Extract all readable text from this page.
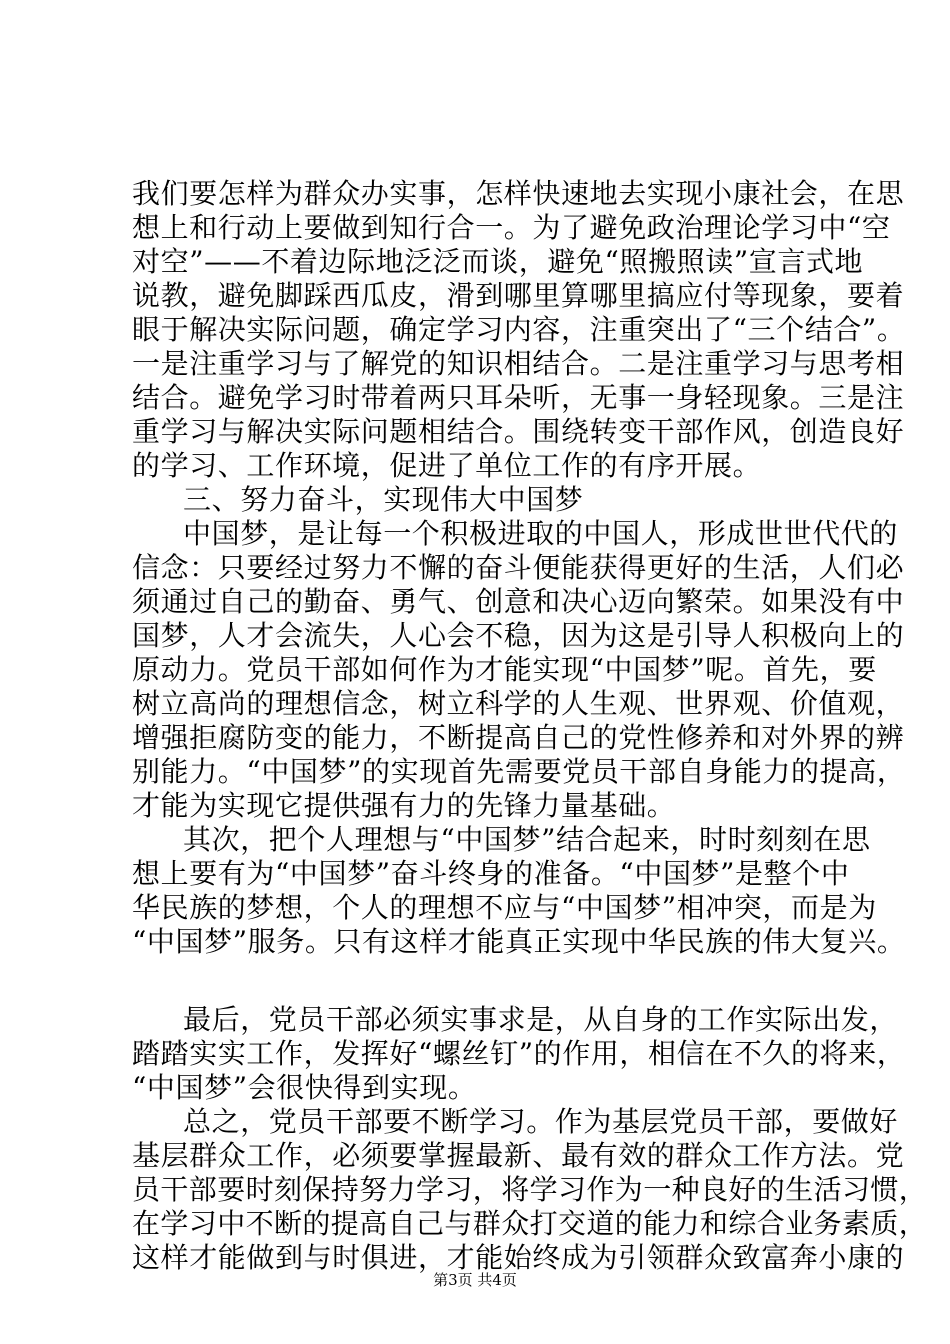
我们要怎样为群众办实事，怎样快速地去实现小康社会，在思
想上和行动上要做到知行合一。为了避免政治理论学习中“空
对空”——不着边际地泛泛而谈，避免“照搬照读”宣言式地
说教，避免脚踩西瓜皮，滑到哪里算哪里搞应付等现象，要着
眼于解决实际问题，确定学习内容，注重突出了“三个结合”。
一是注重学习与了解党的知识相结合。二是注重学习与思考相
结合。避免学习时带着两只耳朵听，无事一身轻现象。三是注
重学习与解决实际问题相结合。围绕转变干部作风，创造良好
的学习、工作环境，促进了单位工作的有序开展。
三、努力奋斗，实现伟大中国梦
中国梦，是让每一个积极进取的中国人，形成世世代代的
信念：只要经过努力不懈的奋斗便能获得更好的生活，人们必
须通过自己的勤奋、勇气、创意和决心迈向繁荣。如果没有中
国梦，人才会流失，人心会不稳，因为这是引导人积极向上的
原动力。党员干部如何作为才能实现“中国梦”呢。首先，要
树立高尚的理想信念，树立科学的人生观、世界观、价值观，
增强拒腐防变的能力，不断提高自己的党性修养和对外界的辨
别能力。“中国梦”的实现首先需要党员干部自身能力的提高，
才能为实现它提供强有力的先锋力量基础。
其次，把个人理想与“中国梦”结合起来，时时刻刻在思
想上要有为“中国梦”奋斗终身的准备。“中国梦”是整个中
华民族的梦想，个人的理想不应与“中国梦”相冲突，而是为
“中国梦”服务。只有这样才能真正实现中华民族的伟大复兴。
最后，党员干部必须实事求是，从自身的工作实际出发，
踏踏实实工作，发挥好“螺丝钉”的作用，相信在不久的将来，
“中国梦”会很快得到实现。
总之，党员干部要不断学习。作为基层党员干部，要做好
基层群众工作，必须要掌握最新、最有效的群众工作方法。党
员干部要时刻保持努力学习，将学习作为一种良好的生活习惯，
在学习中不断的提高自己与群众打交道的能力和综合业务素质，
这样才能做到与时俱进，才能始终成为引领群众致富奔小康的
第3页 共4页
